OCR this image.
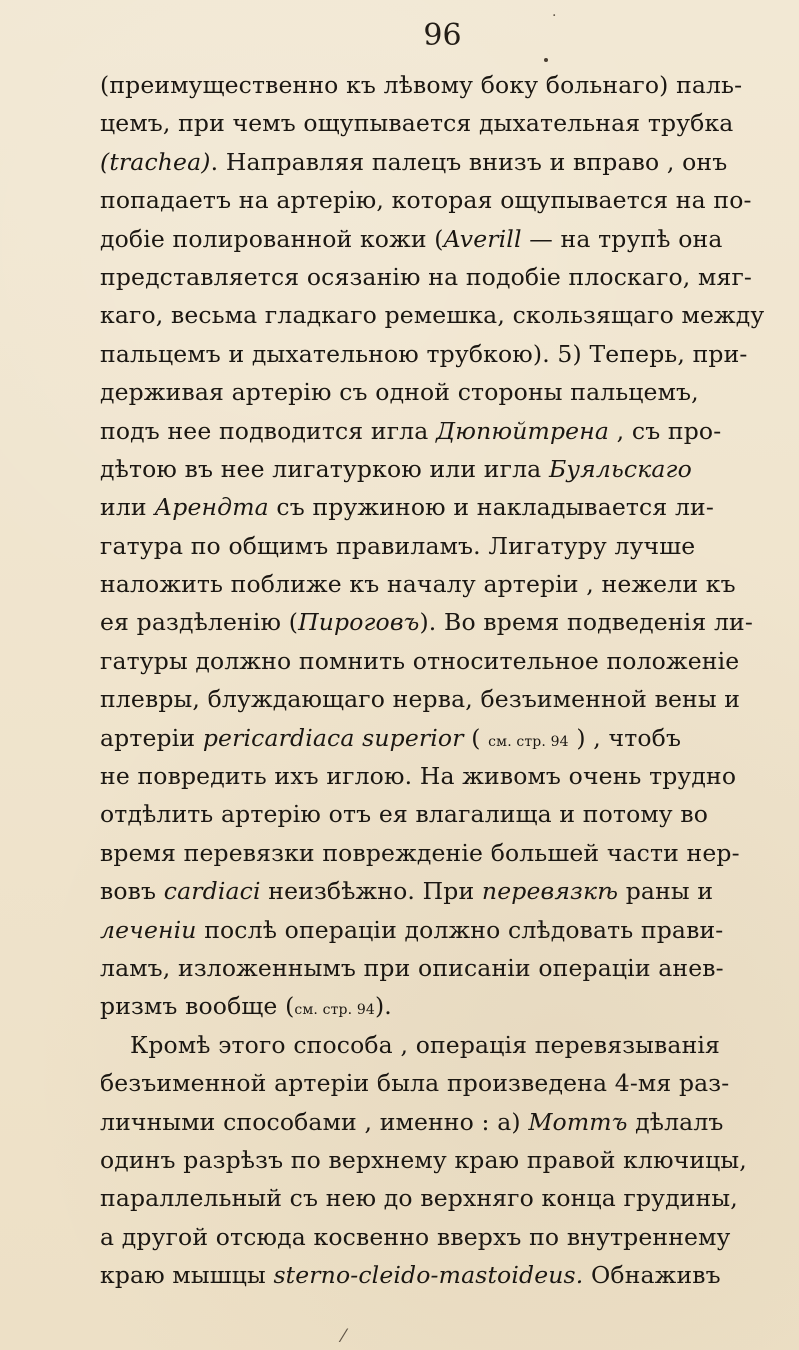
·
96
(преимущественно къ лѣвому боку больнаго) паль-
цемъ, при чемъ ощупывается дыхательная трубка
(trachea). Направляя палецъ внизъ и вправо , онъ
попадаетъ на артерію, которая ощупывается на по-
добіе полированной кожи (Averill — на трупѣ она
представляется осязанію на подобіе плоскаго, мяг-
каго, весьма гладкаго ремешка, скользящаго между
пальцемъ и дыхательною трубкою). 5) Теперь, при-
держивая артерію съ одной стороны пальцемъ,
подъ нее подводится игла Дюпюйтрена , съ про-
дѣтою въ нее лигатуркою или игла Буяльскаго
или Арендта съ пружиною и накладывается ли-
гатура по общимъ правиламъ. Лигатуру лучше
наложить поближе къ началу артеріи , нежели къ
ея раздѣленію (Пироговъ). Во время подведенія ли-
гатуры должно помнить относительное положеніе
плевры, блуждающаго нерва, безъименной вены и
артеріи pericardiaca superior ( см. стр. 94 ) , чтобъ
не повредить ихъ иглою. На живомъ очень трудно
отдѣлить артерію отъ ея влагалища и потому во
время перевязки поврежденіе большей части нер-
вовъ cardiaci неизбѣжно. При перевязкѣ раны и
леченіи послѣ операціи должно слѣдовать прави-
ламъ, изложеннымъ при описаніи операціи анев-
ризмъ вообще (см. стр. 94).
Кромѣ этого способа , операція перевязыванія
безъименной артеріи была произведена 4-мя раз-
личными способами , именно : а) Моттъ дѣлалъ
одинъ разрѣзъ по верхнему краю правой ключицы,
параллельный съ нею до верхняго конца грудины,
а другой отсюда косвенно вверхъ по внутреннему
краю мышцы sterno-cleido-mastoideus. Обнаживъ
⁄
